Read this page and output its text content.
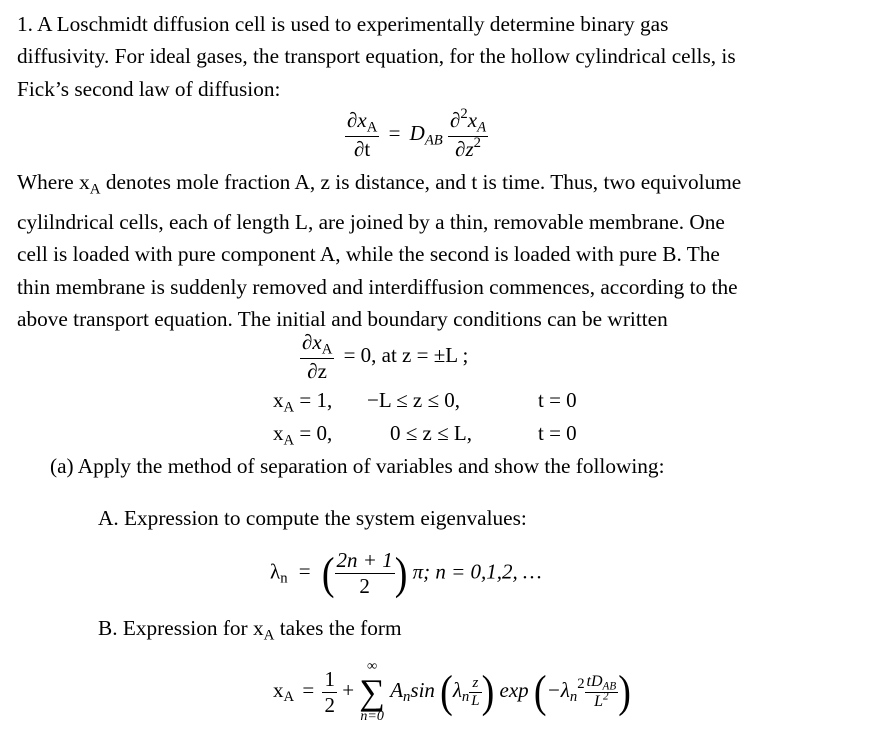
1. A Loschmidt diffusion cell is used to experimentally determine binary gas
diffusivity. For ideal gases, the transport equation, for the hollow cylindrical cells, is
Fick’s second law of diffusion:
$\frac{\partial x_A}{\partial t} = D_{AB} \frac{\partial^2x_A}{\partial z^2}$
Where $x_A$ denotes mole fraction A, z is distance, and t is time. Thus, two equivolume
cylilndrical cells, each of length L, are joined by a thin, removable membrane. One
cell is loaded with pure component A, while the second is loaded with pure B. The
thin membrane is suddenly removed and interdiffusion commences, according to the
above transport equation. The initial and boundary conditions can be written
$\frac{\partial x_A}{\partial z} = 0$, at z = ±L ;
$x_A = 1$, −L ≤ z ≤ 0,	t = 0
$x_A = 0$,	0 ≤ z ≤ L,	t = 0
(a) Apply the method of separation of variables and show the following:
A. Expression to compute the system eigenvalues:
$\lambda_n$ = ( $\frac{2n + 1}{2}$ ) π; n = 0,1,2, …
B. Expression for $x_A$ takes the form
$x_A = \frac{1}{2}$ +
∞
∑
n=0
$A_n\sin$ ($\lambda_n \frac{z}{L}$ ) $\exp (-\lambda_n^2 \frac{tD_{AB}}{L^2}$ )
